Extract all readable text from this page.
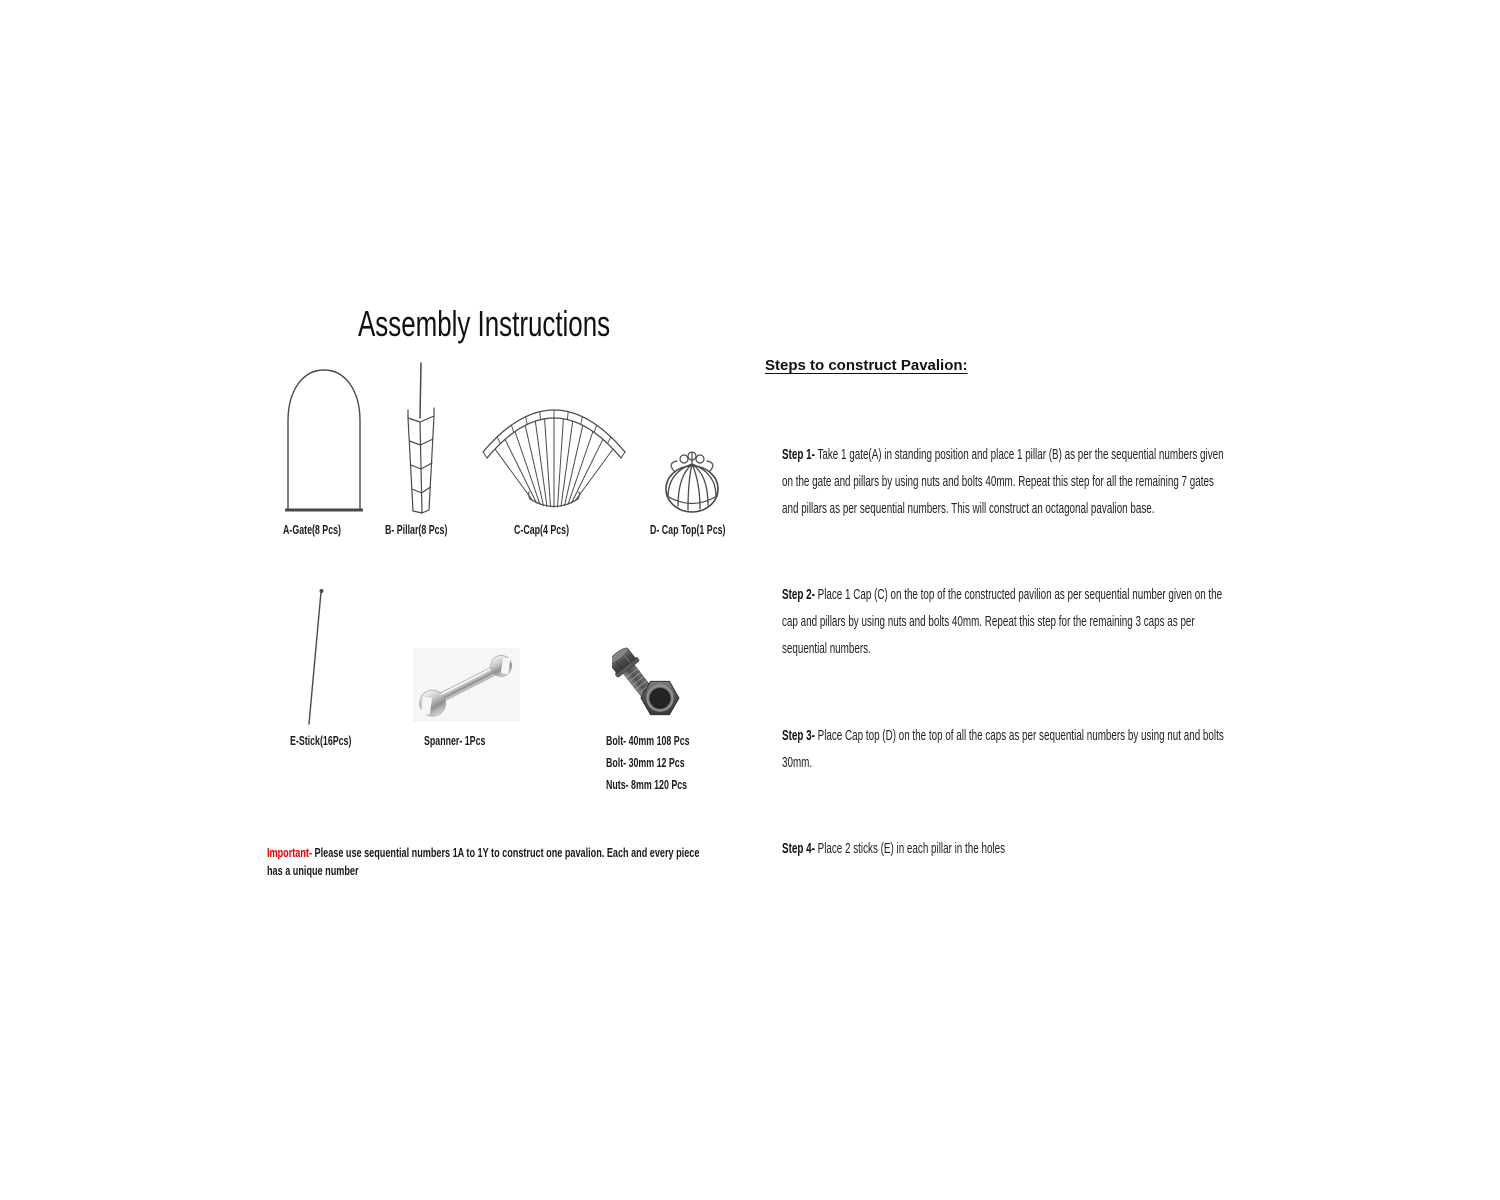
Assembly Instructions
A-Gate(8 Pcs)	B- Pillar(8 Pcs)	C-Cap(4 Pcs)	D- Cap Top(1 Pcs)
E-Stick(16Pcs)	Spanner- 1Pcs	Bolt- 40mm 108 Pcs
Bolt- 30mm 12 Pcs
Nuts- 8mm 120 Pcs
Important- Please use sequential numbers 1A to 1Y to construct one pavalion. Each and every piece has a unique number
Steps to construct Pavalion:
Step 1- Take 1 gate(A) in standing position and place 1 pillar (B) as per the sequential numbers given on the gate and pillars by using nuts and bolts 40mm. Repeat this step for all the remaining 7 gates and pillars as per sequential numbers. This will construct an octagonal pavalion base.
Step 2- Place 1 Cap (C) on the top of the constructed pavilion as per sequential number given on the cap and pillars by using nuts and bolts 40mm. Repeat this step for the remaining 3 caps as per sequential numbers.
Step 3- Place Cap top (D) on the top of all the caps as per sequential numbers by using nut and bolts 30mm.
Step 4- Place 2 sticks (E) in each pillar in the holes
